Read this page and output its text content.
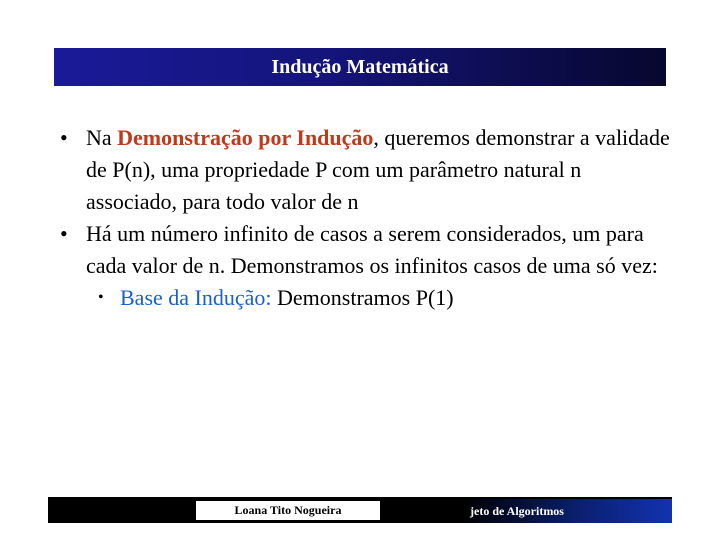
Indução Matemática
• Na Demonstração por Indução, queremos demonstrar a validade de P(n), uma propriedade P com um parâmetro natural n associado, para todo valor de n
• Há um número infinito de casos a serem considerados, um para cada valor de n. Demonstramos os infinitos casos de uma só vez:
• Base da Indução: Demonstramos P(1)
Loana Tito Nogueira	jeto de Algoritmos
